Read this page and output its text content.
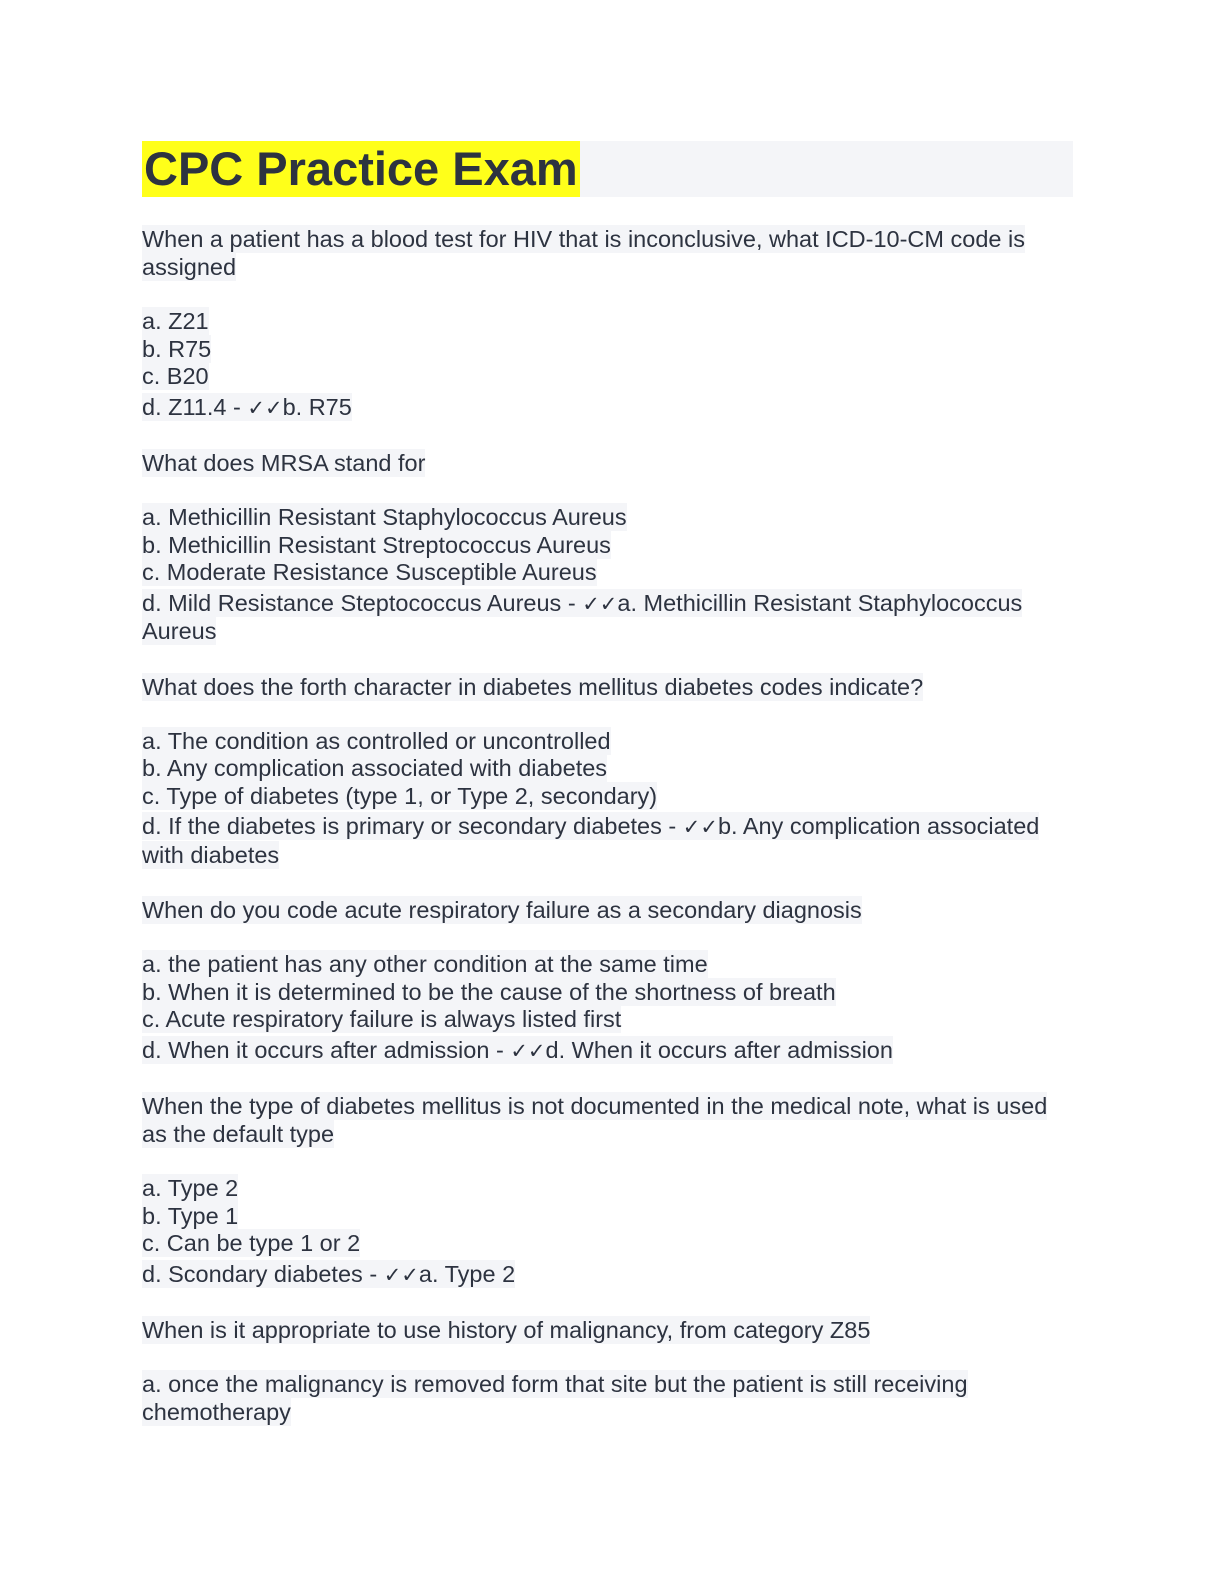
CPC Practice Exam

When a patient has a blood test for HIV that is inconclusive, what ICD-10-CM code is assigned

a. Z21

b. R75

c. B20

d. Z11.4 - ✓✓b. R75

What does MRSA stand for

a. Methicillin Resistant Staphylococcus Aureus

b. Methicillin Resistant Streptococcus Aureus

c. Moderate Resistance Susceptible Aureus

d. Mild Resistance Steptococcus Aureus - ✓✓a. Methicillin Resistant Staphylococcus Aureus

What does the forth character in diabetes mellitus diabetes codes indicate?

a. The condition as controlled or uncontrolled

b. Any complication associated with diabetes

c. Type of diabetes (type 1, or Type 2, secondary)

d. If the diabetes is primary or secondary diabetes - ✓✓b. Any complication associated with diabetes

When do you code acute respiratory failure as a secondary diagnosis

a. the patient has any other condition at the same time

b. When it is determined to be the cause of the shortness of breath

c. Acute respiratory failure is always listed first

d. When it occurs after admission - ✓✓d. When it occurs after admission

When the type of diabetes mellitus is not documented in the medical note, what is used as the default type

a. Type 2

b. Type 1

c. Can be type 1 or 2

d. Scondary diabetes - ✓✓a. Type 2

When is it appropriate to use history of malignancy, from category Z85

a. once the malignancy is removed form that site but the patient is still receiving chemotherapy
